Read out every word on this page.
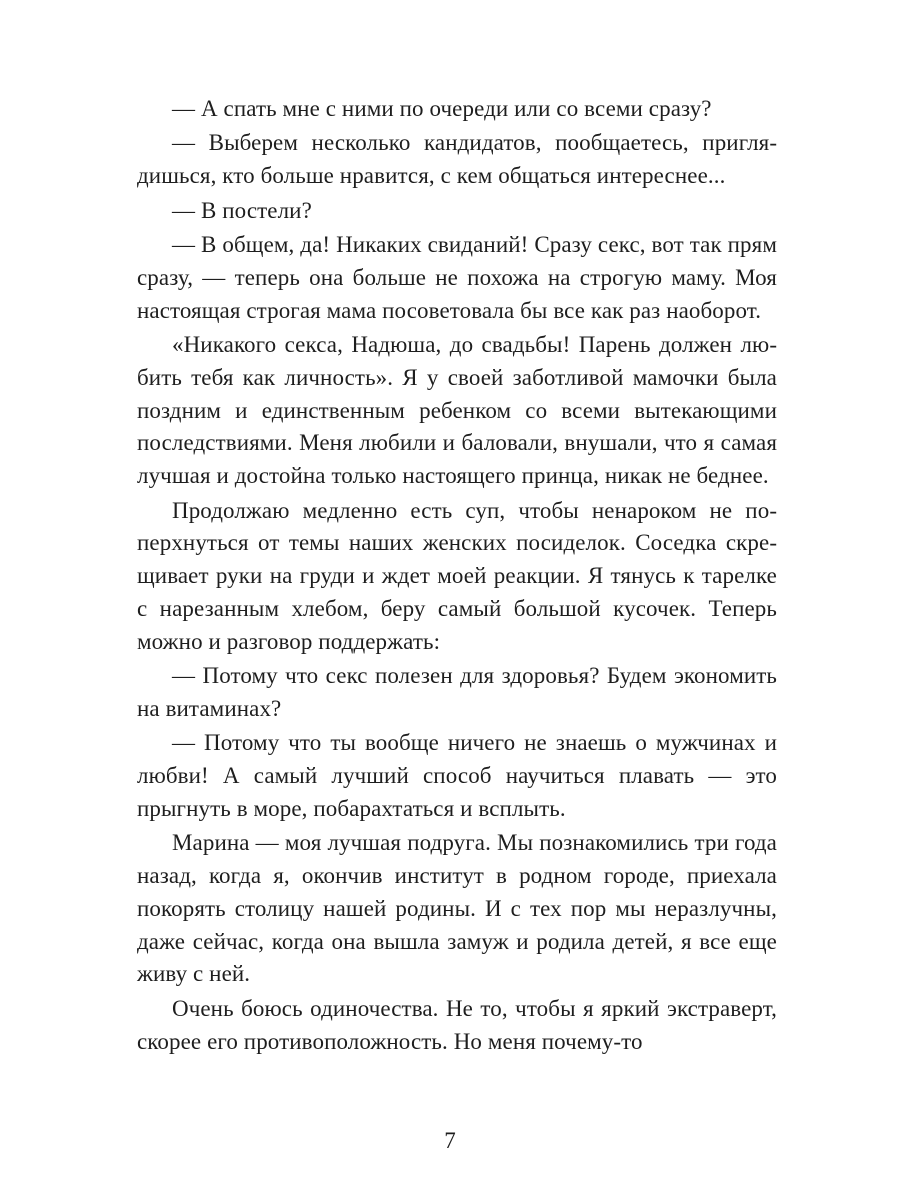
— А спать мне с ними по очереди или со всеми сразу?

— Выберем несколько кандидатов, пообщаетесь, приглядишься, кто больше нравится, с кем общаться интереснее...

— В постели?

— В общем, да! Никаких свиданий! Сразу секс, вот так прям сразу, — теперь она больше не похожа на строгую маму. Моя настоящая строгая мама посоветовала бы все как раз наоборот.

«Никакого секса, Надюша, до свадьбы! Парень должен любить тебя как личность». Я у своей заботливой мамочки была поздним и единственным ребенком со всеми вытекающими последствиями. Меня любили и баловали, внушали, что я самая лучшая и достойна только настоящего принца, никак не беднее.

Продолжаю медленно есть суп, чтобы ненароком не поперхнуться от темы наших женских посиделок. Соседка скрещивает руки на груди и ждет моей реакции. Я тянусь к тарелке с нарезанным хлебом, беру самый большой кусочек. Теперь можно и разговор поддержать:

— Потому что секс полезен для здоровья? Будем экономить на витаминах?

— Потому что ты вообще ничего не знаешь о мужчинах и любви! А самый лучший способ научиться плавать — это прыгнуть в море, побарахтаться и всплыть.

Марина — моя лучшая подруга. Мы познакомились три года назад, когда я, окончив институт в родном городе, приехала покорять столицу нашей родины. И с тех пор мы неразлучны, даже сейчас, когда она вышла замуж и родила детей, я все еще живу с ней.

Очень боюсь одиночества. Не то, чтобы я яркий экстраверт, скорее его противоположность. Но меня почему-то

7
